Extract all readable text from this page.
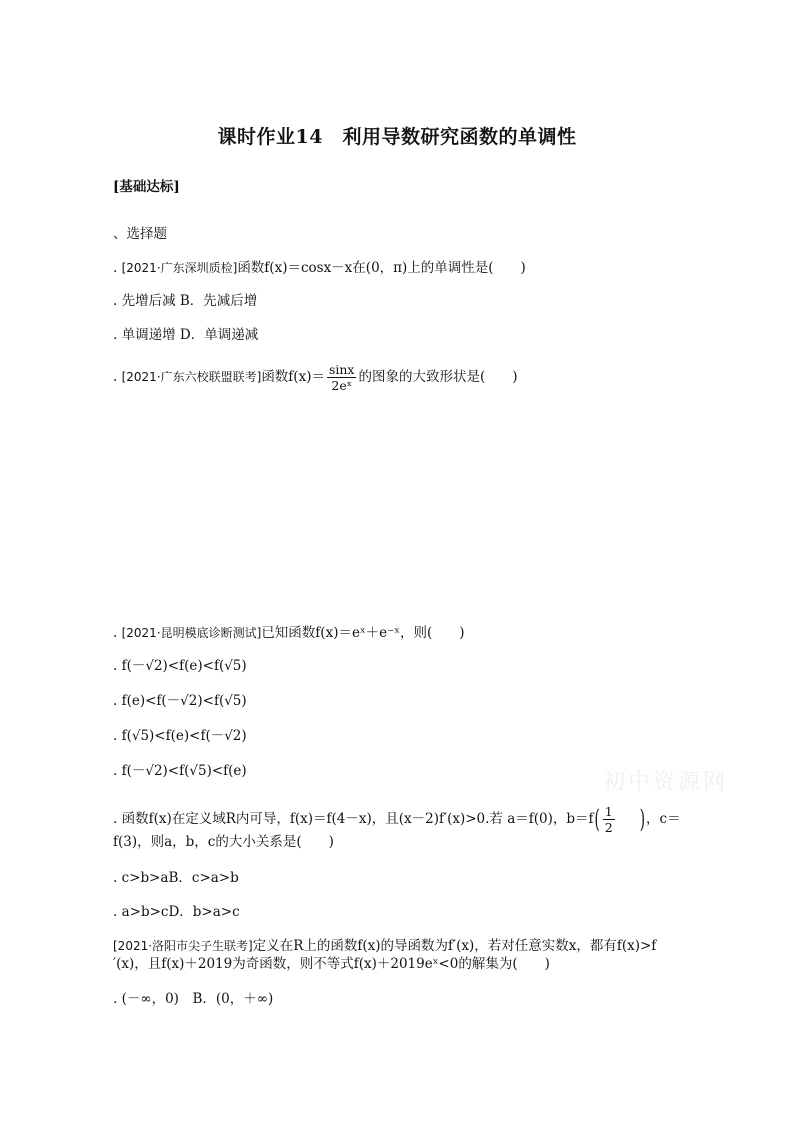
课时作业14　利用导数研究函数的单调性
[基础达标]
、选择题
. [2021·广东深圳质检]函数f(x)＝cosx－x在(0，π)上的单调性是(　　)
. 先增后减 B．先减后增
. 单调递增 D．单调递减
. [2021·广东六校联盟联考]函数$f(x)= \frac{\sin x}{\text{2eˣ}}$ 的图象的大致形状是(　　)
. [2021·昆明模底诊断测试]已知函数f(x)＝eˣ＋e⁻ˣ，则(　　)
. f(－√2)<f(e)<f(√5)
. f(e)<f(－√2)<f(√5)
. f(√5)<f(e)<f(－√2)
. f(－√2)<f(√5)<f(e)
. 函数f(x)在定义域R内可导，f(x)＝f(4－x)，且(x－2)f′(x)>0.若 a＝f(0)，$b=f( \frac{1}{2}$ )，c＝
f(3)，则a，b，c的大小关系是(　　)
. c>b>aB．c>a>b
. a>b>cD．b>a>c
[2021·洛阳市尖子生联考]定义在R上的函数f(x)的导函数为f′(x)，若对任意实数x，都有f(x)>f
′(x)，且f(x)＋2019为奇函数，则不等式f(x)＋2019eˣ<0的解集为(　　)
. (－∞，0)　B．(0，＋∞)
初中资源网
